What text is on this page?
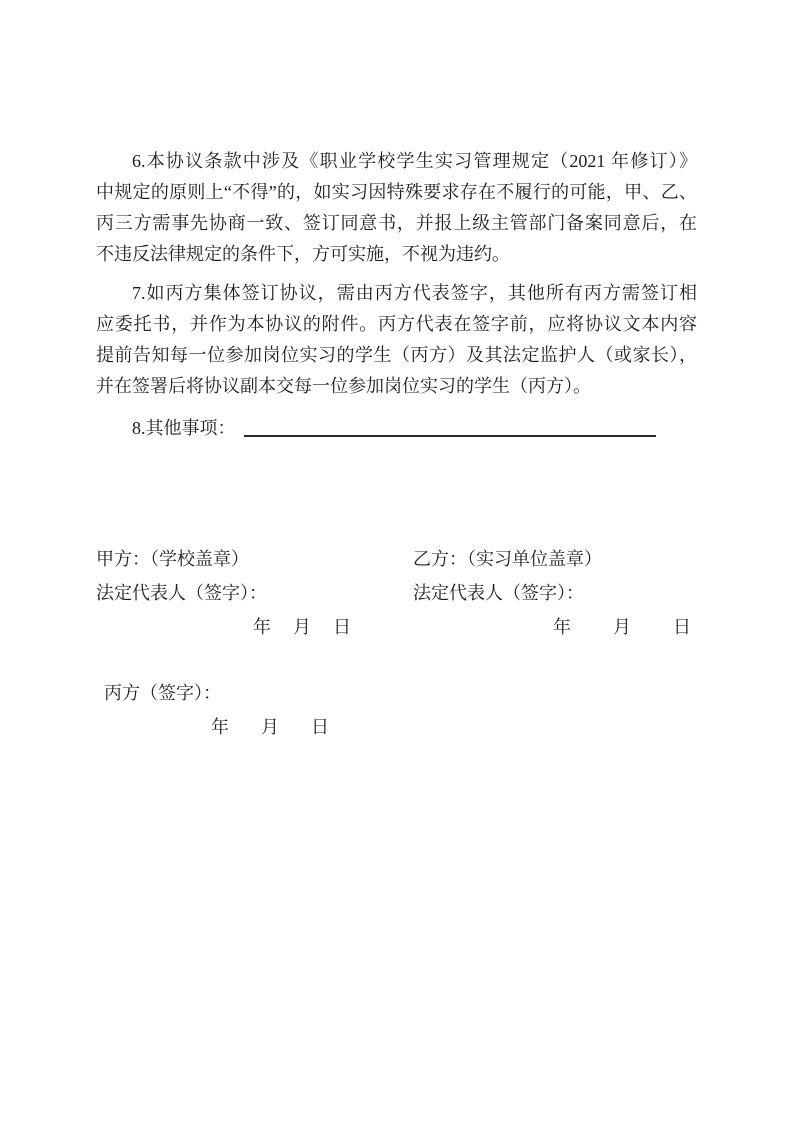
6.本协议条款中涉及《职业学校学生实习管理规定（2021 年修订）》
中规定的原则上“不得”的，如实习因特殊要求存在不履行的可能，甲、乙、
丙三方需事先协商一致、签订同意书，并报上级主管部门备案同意后，在
不违反法律规定的条件下，方可实施，不视为违约。
7.如丙方集体签订协议，需由丙方代表签字，其他所有丙方需签订相
应委托书，并作为本协议的附件。丙方代表在签字前，应将协议文本内容
提前告知每一位参加岗位实习的学生（丙方）及其法定监护人（或家长），
并在签署后将协议副本交每一位参加岗位实习的学生（丙方）。
8.其他事项：
甲方：（学校盖章）
法定代表人（签字）：
年 月 日
乙方：（实习单位盖章）
法定代表人（签字）：
年 月 日
丙方（签字）：
年 月 日
